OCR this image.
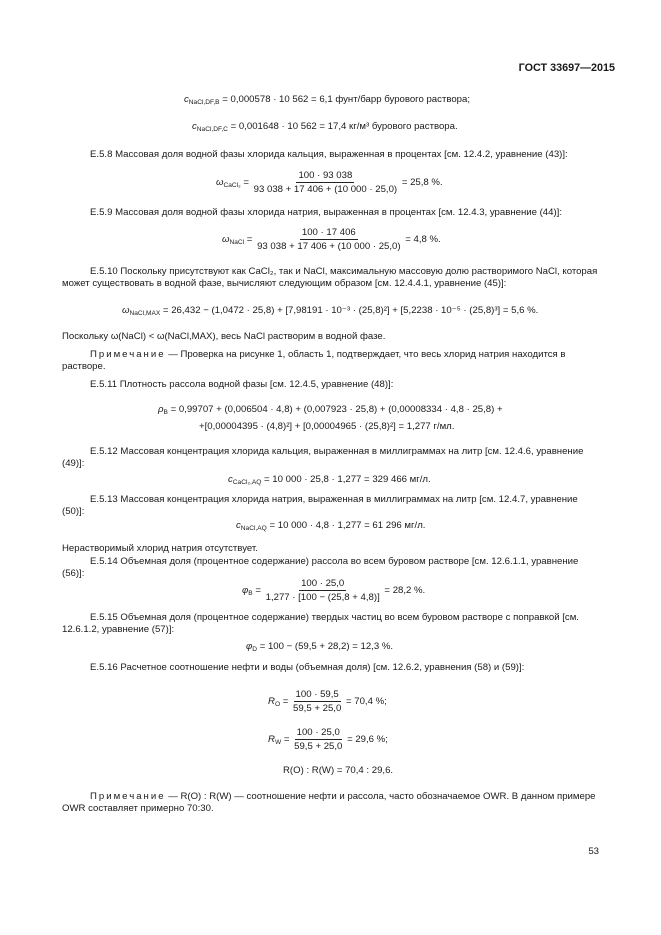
ГОСТ 33697—2015
$c_{NaCl,DF,B} = 0,000578 \cdot 10$ 562 = 6,1 фунт/барр бурового раствора;
$c_{NaCl,DF,C} = 0,001648 \cdot 10$ 562 = 17,4 кг/м³ бурового раствора.
Е.5.8 Массовая доля водной фазы хлорида кальция, выраженная в процентах [см. 12.4.2, уравнение (43)]:
$\omega_{CaCl_2} = \frac{100 \cdot 93 038}{93 038 + 17 406 + (10 000 \cdot 25,0)} = 25,8$ %.
Е.5.9 Массовая доля водной фазы хлорида натрия, выраженная в процентах [см. 12.4.3, уравнение (44)]:
$\omega_{NaCl} = \frac{100 \cdot 17 406}{93 038 + 17 406 + (10 000 \cdot 25,0)} = 4,8$ %.
Е.5.10 Поскольку присутствуют как CaCl₂, так и NaCl, максимальную массовую долю растворимого NaCl, которая может существовать в водной фазе, вычисляют следующим образом [см. 12.4.4.1, уравнение (45)]:
$\omega_{NaCl,MAX} = 26,432 - (1,0472 \cdot 25,8) + [7,98191 \cdot 10^{-3} \cdot (25,8)^2] + [5,2238 \cdot 10^{-5} \cdot (25,8)^3] = 5,6$ %.
Поскольку ω(NaCl) < ω(NaCl,MAX), весь NaCl растворим в водной фазе.
Примечание — Проверка на рисунке 1, область 1, подтверждает, что весь хлорид натрия находится в растворе.
Е.5.11 Плотность рассола водной фазы [см. 12.4.5, уравнение (48)]:
$\rho_B = 0,99707 + (0,006504 \cdot 4,8) + (0,007923 \cdot 25,8) + (0,00008334 \cdot 4,8 \cdot 25,8)$ +
+[0,00004395 · (4,8)²] + [0,00004965 · (25,8)²] = 1,277 г/мл.
Е.5.12 Массовая концентрация хлорида кальция, выраженная в миллиграммах на литр [см. 12.4.6, уравнение (49)]:
$c_{CaCl_2,AQ} = 10$ 000 · 25,8 · 1,277 = 329 466 мг/л.
Е.5.13 Массовая концентрация хлорида натрия, выраженная в миллиграммах на литр [см. 12.4.7, уравнение (50)]:
$c_{NaCl,AQ} = 10$ 000 · 4,8 · 1,277 = 61 296 мг/л.
Нерастворимый хлорид натрия отсутствует.
Е.5.14 Объемная доля (процентное содержание) рассола во всем буровом растворе [см. 12.6.1.1, уравнение (56)]:
$\varphi_B = \frac{100 \cdot 25,0}{1,277 \cdot [100 - (25,8 + 4,8)]} = 28,2$ %.
Е.5.15 Объемная доля (процентное содержание) твердых частиц во всем буровом растворе с поправкой [см. 12.6.1.2, уравнение (57)]:
$\varphi_D = 100 - (59,5 + 28,2) = 12,3$ %.
Е.5.16 Расчетное соотношение нефти и воды (объемная доля) [см. 12.6.2, уравнения (58) и (59)]:
$R_O = \frac{100 \cdot 59,5}{59,5 + 25,0} = 70,4$ %;
$R_W = \frac{100 \cdot 25,0}{59,5 + 25,0} = 29,6$ %;
R(O) : R(W) = 70,4 : 29,6.
Примечание — R(O) : R(W) — соотношение нефти и рассола, часто обозначаемое OWR. В данном примере OWR составляет примерно 70:30.
53
